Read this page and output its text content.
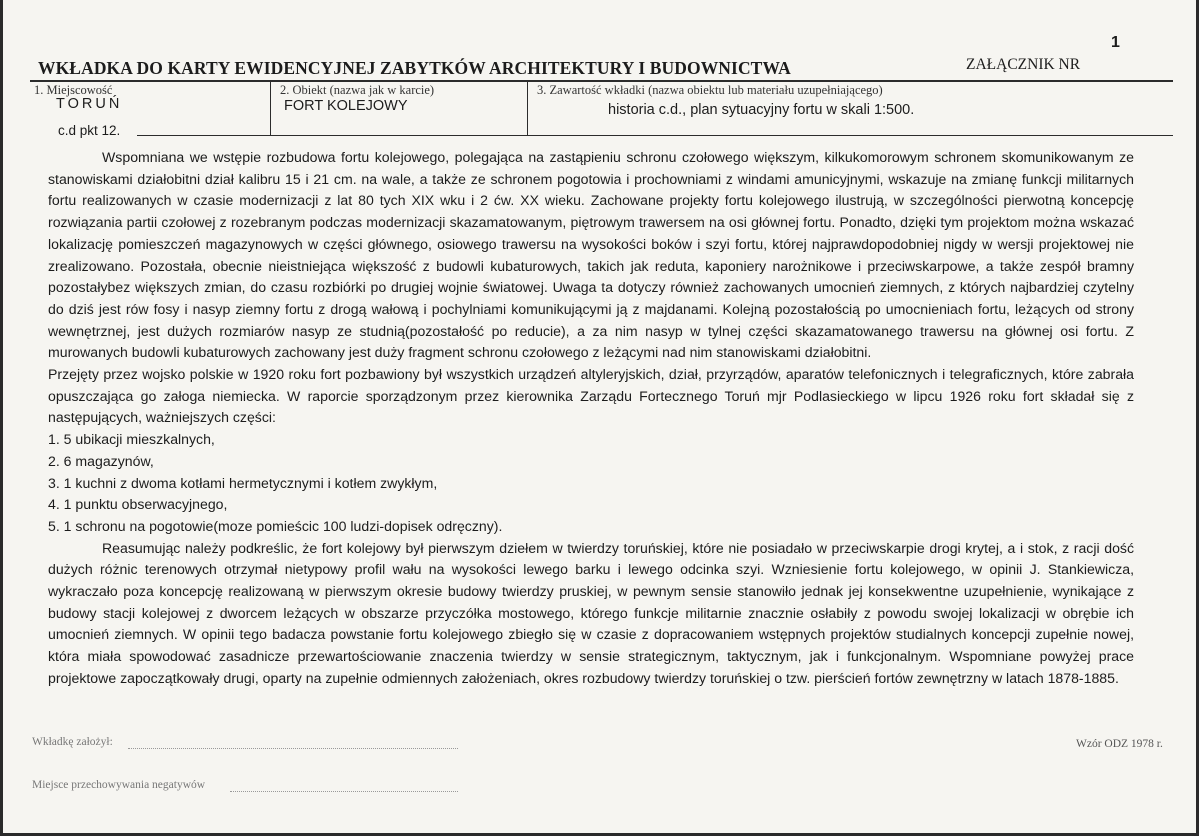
1
WKŁADKA DO KARTY EWIDENCYJNEJ ZABYTKÓW ARCHITEKTURY I BUDOWNICTWA	ZAŁĄCZNIK NR
1. Miejscowość
TORUŃ
c.d pkt 12.
2. Obiekt (nazwa jak w karcie)
FORT KOLEJOWY
3. Zawartość wkładki (nazwa obiektu lub materiału uzupełniającego)
historia c.d., plan sytuacyjny fortu w skali 1:500.

Wspomniana we wstępie rozbudowa fortu kolejowego, polegająca na zastąpieniu schronu czołowego większym, kilkukomorowym schronem skomunikowanym ze stanowiskami działobitni dział kalibru 15 i 21 cm. na wale, a także ze schronem pogotowia i prochowniami z windami amunicyjnymi, wskazuje na zmianę funkcji militarnych fortu realizowanych w czasie modernizacji z lat 80 tych XIX wku i 2 ćw. XX wieku. Zachowane projekty fortu kolejowego ilustrują, w szczególności pierwotną koncepcję rozwiązania partii czołowej z rozebranym podczas modernizacji skazamatowanym, piętrowym trawersem na osi głównej fortu. Ponadto, dzięki tym projektom można wskazać lokalizację pomieszczeń magazynowych w części głównego, osiowego trawersu na wysokości boków i szyi fortu, której najprawdopodobniej nigdy w wersji projektowej nie zrealizowano. Pozostała, obecnie nieistniejąca większość z budowli kubaturowych, takich jak reduta, kaponiery narożnikowe i przeciwskarpowe, a także zespół bramny pozostałybez większych zmian, do czasu rozbiórki po drugiej wojnie światowej. Uwaga ta dotyczy również zachowanych umocnień ziemnych, z których najbardziej czytelny do dziś jest rów fosy i nasyp ziemny fortu z drogą wałową i pochylniami komunikującymi ją z majdanami. Kolejną pozostałością po umocnieniach fortu, leżących od strony wewnętrznej, jest dużych rozmiarów nasyp ze studnią(pozostałość po reducie), a za nim nasyp w tylnej części skazamatowanego trawersu na głównej osi fortu. Z murowanych budowli kubaturowych zachowany jest duży fragment schronu czołowego z leżącymi nad nim stanowiskami działobitni.

Przejęty przez wojsko polskie w 1920 roku fort pozbawiony był wszystkich urządzeń altyleryjskich, dział, przyrządów, aparatów telefonicznych i telegraficznych, które zabrała opuszczająca go załoga niemiecka. W raporcie sporządzonym przez kierownika Zarządu Fortecznego Toruń mjr Podlasieckiego w lipcu 1926 roku fort składał się z następujących, ważniejszych części:

1. 5 ubikacji mieszkalnych,

2. 6 magazynów,

3. 1 kuchni z dwoma kotłami hermetycznymi i kotłem zwykłym,

4. 1 punktu obserwacyjnego,

5. 1 schronu na pogotowie(moze pomieścic 100 ludzi-dopisek odręczny).

Reasumując należy podkreślic, że fort kolejowy był pierwszym dziełem w twierdzy toruńskiej, które nie posiadało w przeciwskarpie drogi krytej, a i stok, z racji dość dużych różnic terenowych otrzymał nietypowy profil wału na wysokości lewego barku i lewego odcinka szyi. Wzniesienie fortu kolejowego, w opinii J. Stankiewicza, wykraczało poza koncepcję realizowaną w pierwszym okresie budowy twierdzy pruskiej, w pewnym sensie stanowiło jednak jej konsekwentne uzupełnienie, wynikające z budowy stacji kolejowej z dworcem leżących w obszarze przyczółka mostowego, którego funkcje militarnie znacznie osłabiły z powodu swojej lokalizacji w obrębie ich umocnień ziemnych. W opinii tego badacza powstanie fortu kolejowego zbiegło się w czasie z dopracowaniem wstępnych projektów studialnych koncepcji zupełnie nowej, która miała spowodować zasadnicze przewartościowanie znaczenia twierdzy w sensie strategicznym, taktycznym, jak i funkcjonalnym. Wspomniane powyżej prace projektowe zapoczątkowały drugi, oparty na zupełnie odmiennych założeniach, okres rozbudowy twierdzy toruńskiej o tzw. pierścień fortów zewnętrzny w latach 1878-1885.

Wkładkę założył:
Miejsce przechowywania negatywów
Wzór ODZ 1978 r.
